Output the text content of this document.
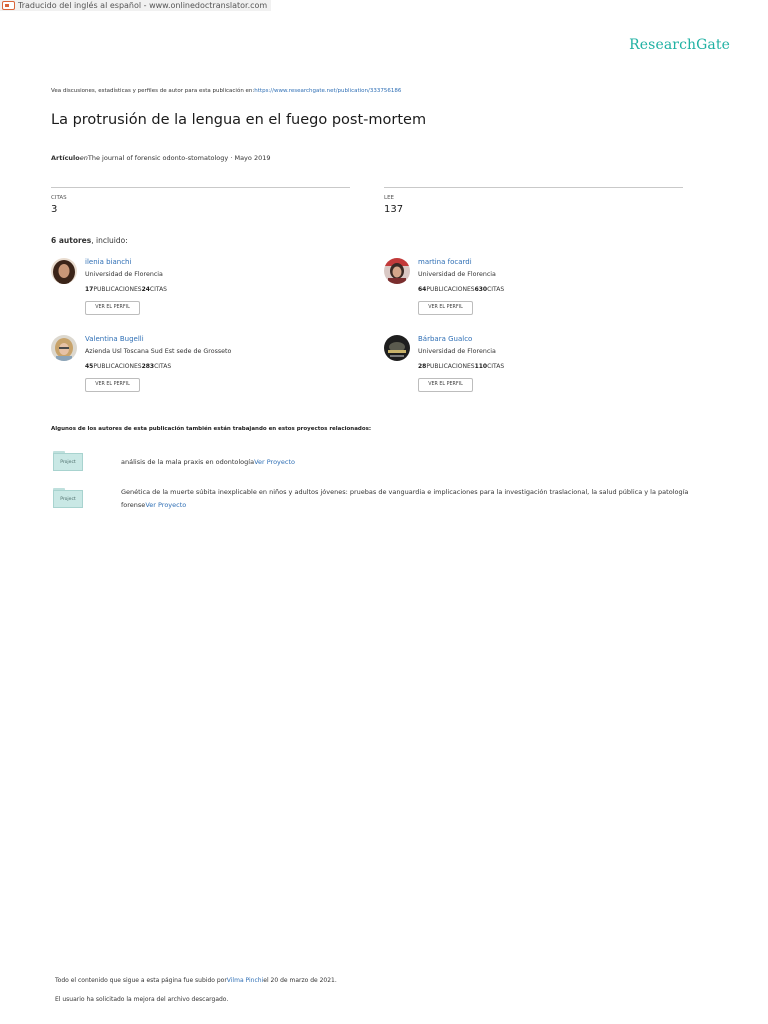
Traducido del inglés al español - www.onlinedoctranslator.com
ResearchGate
Vea discusiones, estadísticas y perfiles de autor para esta publicación en:https://www.researchgate.net/publication/333756186
La protrusión de la lengua en el fuego post-mortem
ArtículoenThe journal of forensic odonto-stomatology · Mayo 2019
CITAS
3
LEE
137
6 autores, incluido:
ilenia bianchi
Universidad de Florencia
17PUBLICACIONES24CITAS
VER EL PERFIL
martina focardi
Universidad de Florencia
64PUBLICACIONES630CITAS
VER EL PERFIL
Valentina Bugelli
Azienda Usl Toscana Sud Est sede de Grosseto
45PUBLICACIONES283CITAS
VER EL PERFIL
Bárbara Gualco
Universidad de Florencia
28PUBLICACIONES110CITAS
VER EL PERFIL
Algunos de los autores de esta publicación también están trabajando en estos proyectos relacionados:
Project	análisis de la mala praxis en odontologíaVer Proyecto
Project
Genética de la muerte súbita inexplicable en niños y adultos jóvenes: pruebas de vanguardia e implicaciones para la investigación traslacional, la salud pública y la patología forenseVer Proyecto
Todo el contenido que sigue a esta página fue subido porVilma Pinchiel 20 de marzo de 2021.
El usuario ha solicitado la mejora del archivo descargado.
